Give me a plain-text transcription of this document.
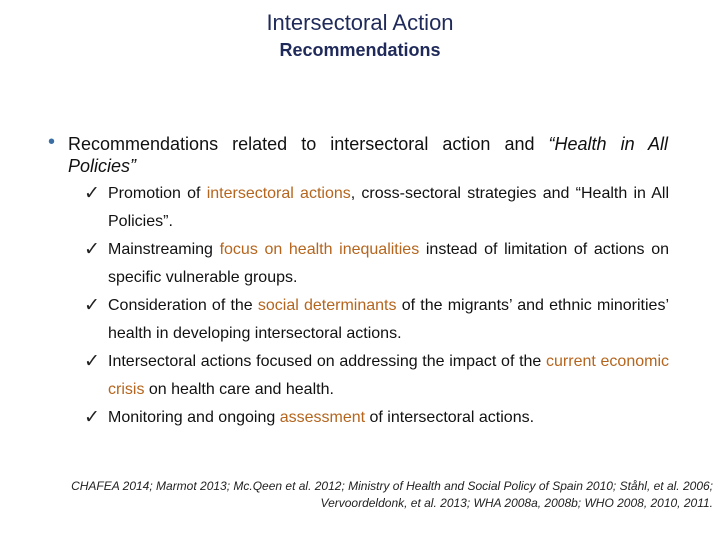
Intersectoral Action
Recommendations
• Recommendations related to intersectoral action and “Health in All Policies”
✓ Promotion of intersectoral actions, cross-sectoral strategies and “Health in All Policies”.
✓ Mainstreaming focus on health inequalities instead of limitation of actions on specific vulnerable groups.
✓ Consideration of the social determinants of the migrants’ and ethnic minorities’ health in developing intersectoral actions.
✓ Intersectoral actions focused on addressing the impact of the current economic crisis on health care and health.
✓ Monitoring and ongoing assessment of intersectoral actions.
CHAFEA 2014; Marmot 2013; Mc.Qeen et al. 2012; Ministry of Health and Social Policy of Spain 2010; Ståhl, et al. 2006;
Vervoordeldonk, et al. 2013; WHA 2008a, 2008b; WHO 2008, 2010, 2011.
